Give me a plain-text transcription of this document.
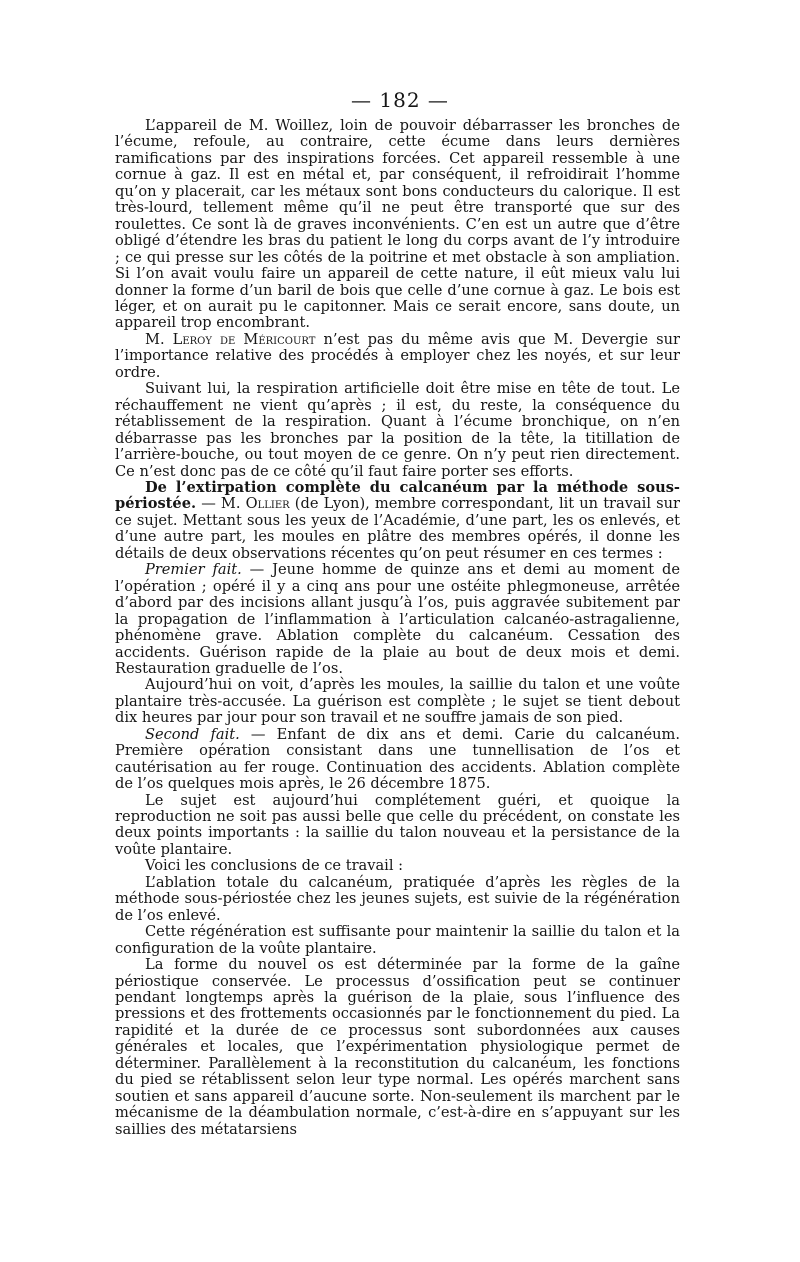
— 182 —

L’appareil de M. Woillez, loin de pouvoir débarrasser les bronches de l’écume, refoule, au contraire, cette écume dans leurs dernières ramifications par des inspirations forcées. Cet appareil ressemble à une cornue à gaz. Il est en métal et, par conséquent, il refroidirait l’homme qu’on y placerait, car les métaux sont bons conducteurs du calorique. Il est très-lourd, tellement même qu’il ne peut être transporté que sur des roulettes. Ce sont là de graves inconvénients. C’en est un autre que d’être obligé d’étendre les bras du patient le long du corps avant de l’y introduire ; ce qui presse sur les côtés de la poitrine et met obstacle à son ampliation. Si l’on avait voulu faire un appareil de cette nature, il eût mieux valu lui donner la forme d’un baril de bois que celle d’une cornue à gaz. Le bois est léger, et on aurait pu le capitonner. Mais ce serait encore, sans doute, un appareil trop encombrant.

M. Leroy de Méricourt n’est pas du même avis que M. Devergie sur l’importance relative des procédés à employer chez les noyés, et sur leur ordre.

Suivant lui, la respiration artificielle doit être mise en tête de tout. Le réchauffement ne vient qu’après ; il est, du reste, la conséquence du rétablissement de la respiration. Quant à l’écume bronchique, on n’en débarrasse pas les bronches par la position de la tête, la titillation de l’arrière-bouche, ou tout moyen de ce genre. On n’y peut rien directement. Ce n’est donc pas de ce côté qu’il faut faire porter ses efforts.

De l’extirpation complète du calcanéum par la méthode sous-périostée. — M. Ollier (de Lyon), membre correspondant, lit un travail sur ce sujet. Mettant sous les yeux de l’Académie, d’une part, les os enlevés, et d’une autre part, les moules en plâtre des membres opérés, il donne les détails de deux observations récentes qu’on peut résumer en ces termes :

Premier fait. — Jeune homme de quinze ans et demi au moment de l’opération ; opéré il y a cinq ans pour une ostéite phlegmoneuse, arrêtée d’abord par des incisions allant jusqu’à l’os, puis aggravée subitement par la propagation de l’inflammation à l’articulation calcanéo-astragalienne, phénomène grave. Ablation complète du calcanéum. Cessation des accidents. Guérison rapide de la plaie au bout de deux mois et demi. Restauration graduelle de l’os.

Aujourd’hui on voit, d’après les moules, la saillie du talon et une voûte plantaire très-accusée. La guérison est complète ; le sujet se tient debout dix heures par jour pour son travail et ne souffre jamais de son pied.

Second fait. — Enfant de dix ans et demi. Carie du calcanéum. Première opération consistant dans une tunnellisation de l’os et cautérisation au fer rouge. Continuation des accidents. Ablation complète de l’os quelques mois après, le 26 décembre 1875.

Le sujet est aujourd’hui complétement guéri, et quoique la reproduction ne soit pas aussi belle que celle du précédent, on constate les deux points importants : la saillie du talon nouveau et la persistance de la voûte plantaire.

Voici les conclusions de ce travail :

L’ablation totale du calcanéum, pratiquée d’après les règles de la méthode sous-périostée chez les jeunes sujets, est suivie de la régénération de l’os enlevé.

Cette régénération est suffisante pour maintenir la saillie du talon et la configuration de la voûte plantaire.

La forme du nouvel os est déterminée par la forme de la gaîne périostique conservée. Le processus d’ossification peut se continuer pendant longtemps après la guérison de la plaie, sous l’influence des pressions et des frottements occasionnés par le fonctionnement du pied. La rapidité et la durée de ce processus sont subordonnées aux causes générales et locales, que l’expérimentation physiologique permet de déterminer. Parallèlement à la reconstitution du calcanéum, les fonctions du pied se rétablissent selon leur type normal. Les opérés marchent sans soutien et sans appareil d’aucune sorte. Non-seulement ils marchent par le mécanisme de la déambulation normale, c’est-à-dire en s’appuyant sur les saillies des métatarsiens
